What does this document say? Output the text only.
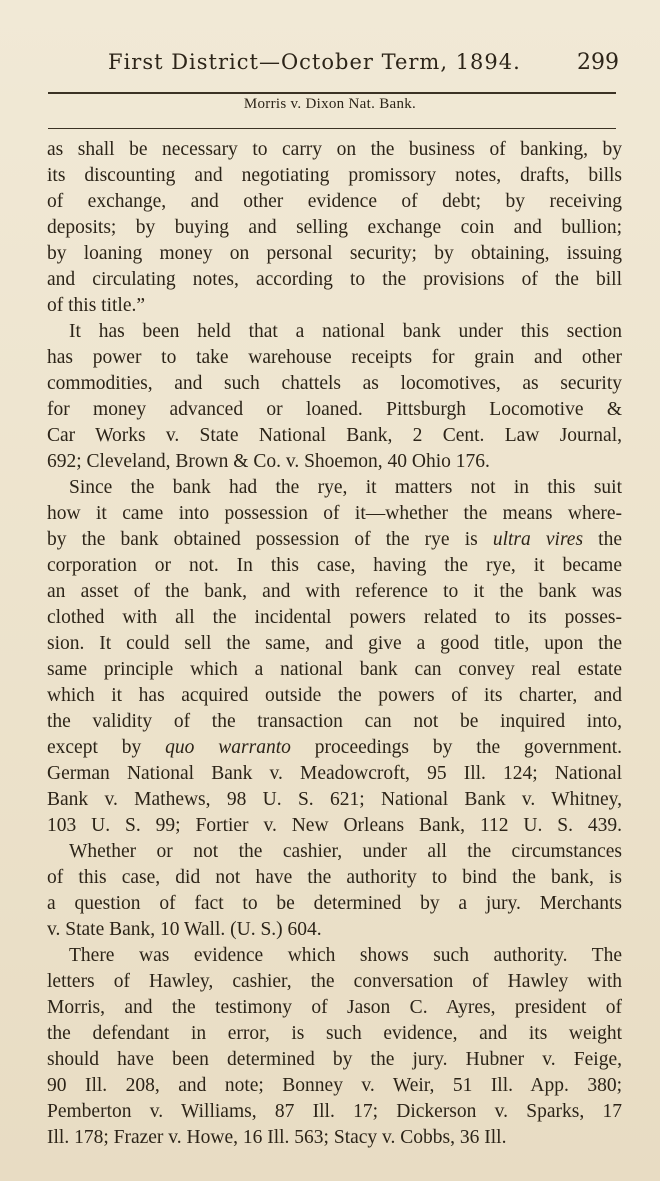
First District—October Term, 1894.	299
Morris v. Dixon Nat. Bank.
as shall be necessary to carry on the business of banking, by
its discounting and negotiating promissory notes, drafts, bills
of exchange, and other evidence of debt; by receiving
deposits; by buying and selling exchange coin and bullion;
by loaning money on personal security; by obtaining, issuing
and circulating notes, according to the provisions of the bill
of this title.”
It has been held that a national bank under this section
has power to take warehouse receipts for grain and other
commodities, and such chattels as locomotives, as security
for money advanced or loaned. Pittsburgh Locomotive &
Car Works v. State National Bank, 2 Cent. Law Journal,
692; Cleveland, Brown & Co. v. Shoemon, 40 Ohio 176.
Since the bank had the rye, it matters not in this suit
how it came into possession of it—whether the means where-
by the bank obtained possession of the rye is ultra vires the
corporation or not. In this case, having the rye, it became
an asset of the bank, and with reference to it the bank was
clothed with all the incidental powers related to its posses-
sion. It could sell the same, and give a good title, upon the
same principle which a national bank can convey real estate
which it has acquired outside the powers of its charter, and
the validity of the transaction can not be inquired into,
except by quo warranto proceedings by the government.
German National Bank v. Meadowcroft, 95 Ill. 124; National
Bank v. Mathews, 98 U. S. 621; National Bank v. Whitney,
103 U. S. 99; Fortier v. New Orleans Bank, 112 U. S. 439.
Whether or not the cashier, under all the circumstances
of this case, did not have the authority to bind the bank, is
a question of fact to be determined by a jury. Merchants
v. State Bank, 10 Wall. (U. S.) 604.
There was evidence which shows such authority. The
letters of Hawley, cashier, the conversation of Hawley with
Morris, and the testimony of Jason C. Ayres, president of
the defendant in error, is such evidence, and its weight
should have been determined by the jury. Hubner v. Feige,
90 Ill. 208, and note; Bonney v. Weir, 51 Ill. App. 380;
Pemberton v. Williams, 87 Ill. 17; Dickerson v. Sparks, 17
Ill. 178; Frazer v. Howe, 16 Ill. 563; Stacy v. Cobbs, 36 Ill.
